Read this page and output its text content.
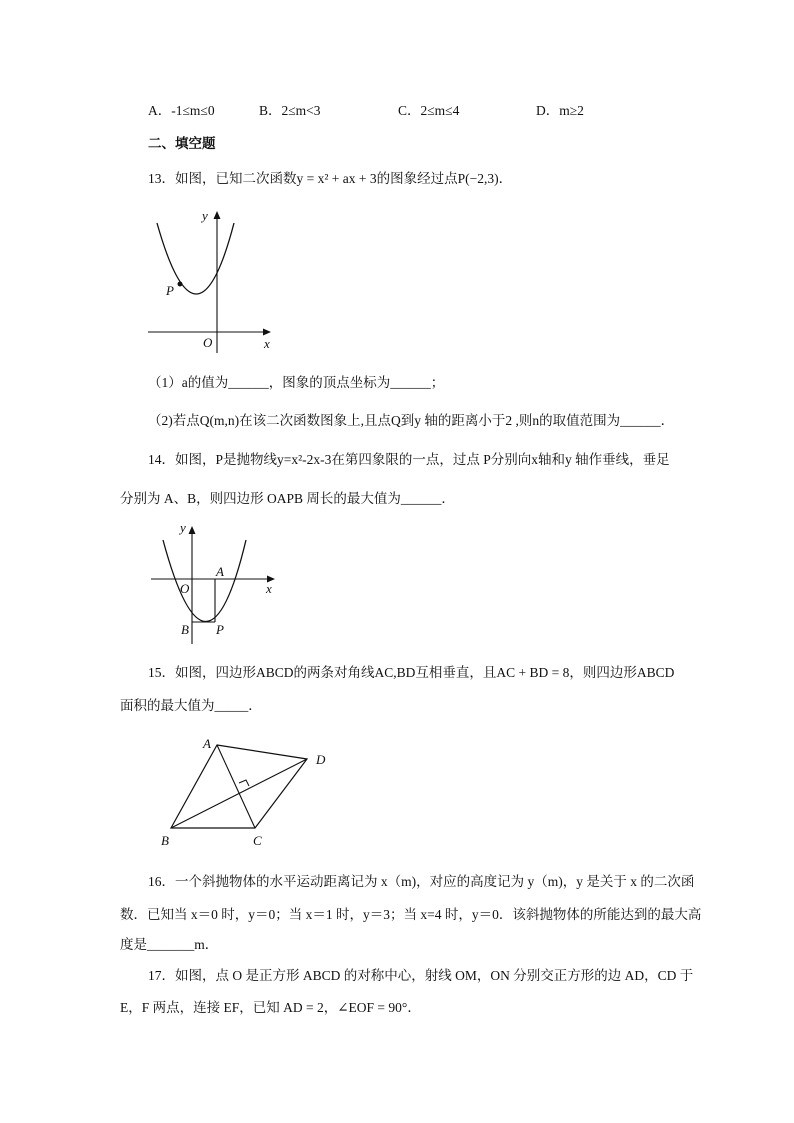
A．-1≤m≤0	B．2≤m<3	C．2≤m≤4	D．m≥2
二、填空题
13．如图，已知二次函数y = x² + ax + 3的图象经过点P(−2,3)．
y
x
O
P
（1）a的值为______，图象的顶点坐标为______；
（2)若点Q(m,n)在该二次函数图象上,且点Q到y 轴的距离小于2 ,则n的取值范围为______．
14．如图，P是抛物线y=x²-2x-3在第四象限的一点，过点 P分别向x轴和y 轴作垂线，垂足
分别为 A、B，则四边形 OAPB 周长的最大值为______．
y
x
O
A
B P
15．如图，四边形ABCD的两条对角线AC,BD互相垂直，且AC + BD = 8，则四边形ABCD
面积的最大值为_____．
A
D
B	C
16．一个斜抛物体的水平运动距离记为 x（m)，对应的高度记为 y（m)，y 是关于 x 的二次函
数．已知当 x＝0 时，y＝0；当 x＝1 时，y＝3；当 x=4 时，y＝0．该斜抛物体的所能达到的最大高
度是_______m．
17．如图，点 O 是正方形 ABCD 的对称中心，射线 OM，ON 分别交正方形的边 AD，CD 于
E，F 两点，连接 EF，已知 AD = 2，∠EOF = 90°．
